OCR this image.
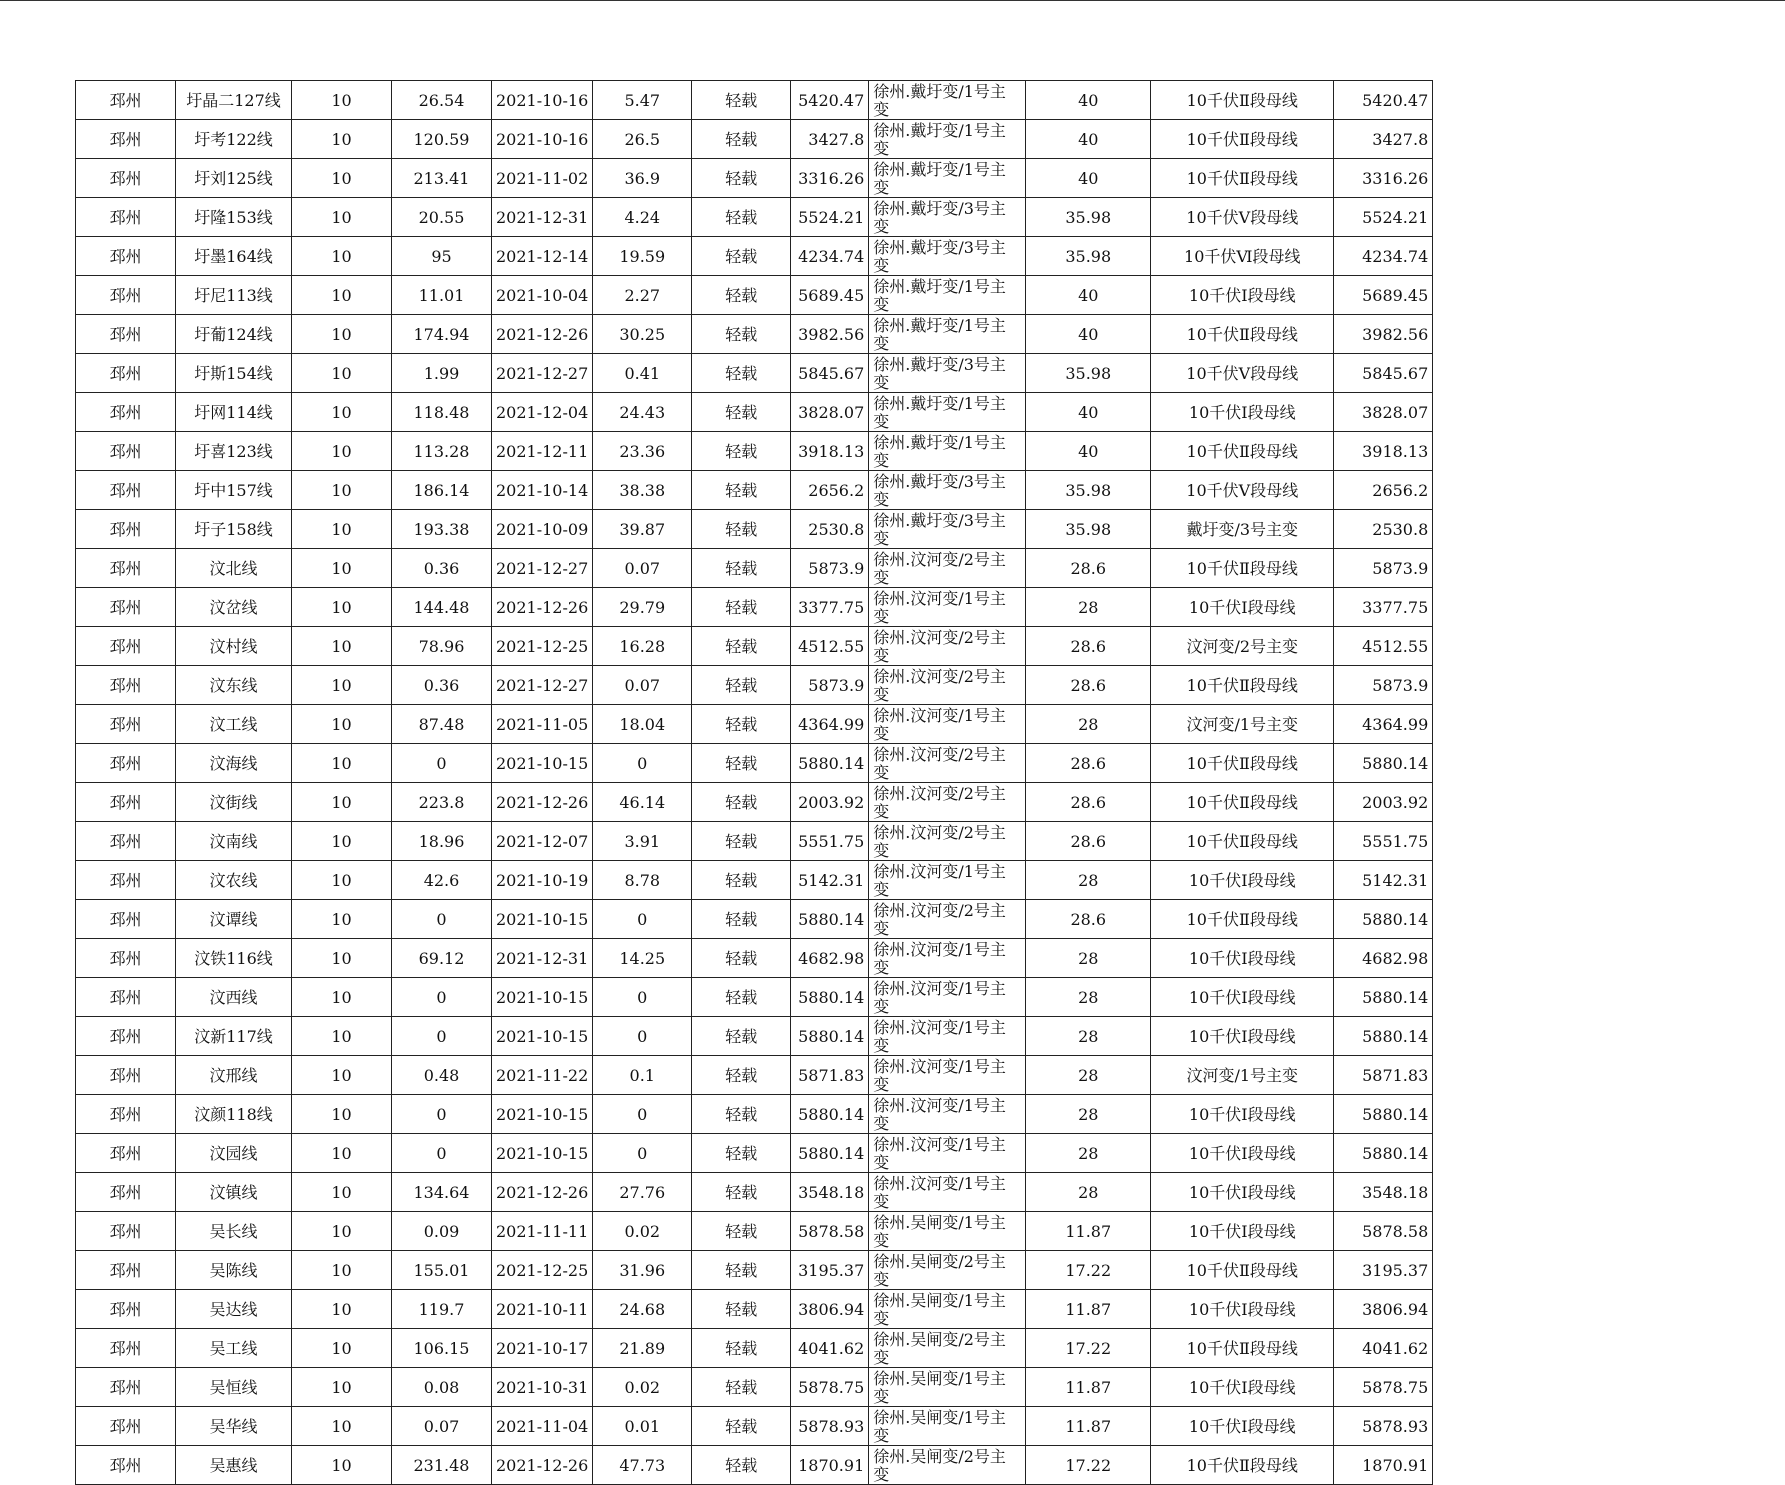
邳州	圩晶二127线	10	26.54	2021-10-16	5.47	轻载	5420.47	徐州.戴圩变/1号主变	40	10千伏Ⅱ段母线	5420.47
邳州	圩考122线	10	120.59	2021-10-16	26.5	轻载	3427.8	徐州.戴圩变/1号主变	40	10千伏Ⅱ段母线	3427.8
邳州	圩刘125线	10	213.41	2021-11-02	36.9	轻载	3316.26	徐州.戴圩变/1号主变	40	10千伏Ⅱ段母线	3316.26
邳州	圩隆153线	10	20.55	2021-12-31	4.24	轻载	5524.21	徐州.戴圩变/3号主变	35.98	10千伏Ⅴ段母线	5524.21
邳州	圩墨164线	10	95	2021-12-14	19.59	轻载	4234.74	徐州.戴圩变/3号主变	35.98	10千伏Ⅵ段母线	4234.74
邳州	圩尼113线	10	11.01	2021-10-04	2.27	轻载	5689.45	徐州.戴圩变/1号主变	40	10千伏Ⅰ段母线	5689.45
邳州	圩葡124线	10	174.94	2021-12-26	30.25	轻载	3982.56	徐州.戴圩变/1号主变	40	10千伏Ⅱ段母线	3982.56
邳州	圩斯154线	10	1.99	2021-12-27	0.41	轻载	5845.67	徐州.戴圩变/3号主变	35.98	10千伏Ⅴ段母线	5845.67
邳州	圩网114线	10	118.48	2021-12-04	24.43	轻载	3828.07	徐州.戴圩变/1号主变	40	10千伏Ⅰ段母线	3828.07
邳州	圩喜123线	10	113.28	2021-12-11	23.36	轻载	3918.13	徐州.戴圩变/1号主变	40	10千伏Ⅱ段母线	3918.13
邳州	圩中157线	10	186.14	2021-10-14	38.38	轻载	2656.2	徐州.戴圩变/3号主变	35.98	10千伏Ⅴ段母线	2656.2
邳州	圩子158线	10	193.38	2021-10-09	39.87	轻载	2530.8	徐州.戴圩变/3号主变	35.98	戴圩变/3号主变	2530.8
邳州	汶北线	10	0.36	2021-12-27	0.07	轻载	5873.9	徐州.汶河变/2号主变	28.6	10千伏Ⅱ段母线	5873.9
邳州	汶岔线	10	144.48	2021-12-26	29.79	轻载	3377.75	徐州.汶河变/1号主变	28	10千伏Ⅰ段母线	3377.75
邳州	汶村线	10	78.96	2021-12-25	16.28	轻载	4512.55	徐州.汶河变/2号主变	28.6	汶河变/2号主变	4512.55
邳州	汶东线	10	0.36	2021-12-27	0.07	轻载	5873.9	徐州.汶河变/2号主变	28.6	10千伏Ⅱ段母线	5873.9
邳州	汶工线	10	87.48	2021-11-05	18.04	轻载	4364.99	徐州.汶河变/1号主变	28	汶河变/1号主变	4364.99
邳州	汶海线	10	0	2021-10-15	0	轻载	5880.14	徐州.汶河变/2号主变	28.6	10千伏Ⅱ段母线	5880.14
邳州	汶街线	10	223.8	2021-12-26	46.14	轻载	2003.92	徐州.汶河变/2号主变	28.6	10千伏Ⅱ段母线	2003.92
邳州	汶南线	10	18.96	2021-12-07	3.91	轻载	5551.75	徐州.汶河变/2号主变	28.6	10千伏Ⅱ段母线	5551.75
邳州	汶农线	10	42.6	2021-10-19	8.78	轻载	5142.31	徐州.汶河变/1号主变	28	10千伏Ⅰ段母线	5142.31
邳州	汶谭线	10	0	2021-10-15	0	轻载	5880.14	徐州.汶河变/2号主变	28.6	10千伏Ⅱ段母线	5880.14
邳州	汶铁116线	10	69.12	2021-12-31	14.25	轻载	4682.98	徐州.汶河变/1号主变	28	10千伏Ⅰ段母线	4682.98
邳州	汶西线	10	0	2021-10-15	0	轻载	5880.14	徐州.汶河变/1号主变	28	10千伏Ⅰ段母线	5880.14
邳州	汶新117线	10	0	2021-10-15	0	轻载	5880.14	徐州.汶河变/1号主变	28	10千伏Ⅰ段母线	5880.14
邳州	汶邢线	10	0.48	2021-11-22	0.1	轻载	5871.83	徐州.汶河变/1号主变	28	汶河变/1号主变	5871.83
邳州	汶颜118线	10	0	2021-10-15	0	轻载	5880.14	徐州.汶河变/1号主变	28	10千伏Ⅰ段母线	5880.14
邳州	汶园线	10	0	2021-10-15	0	轻载	5880.14	徐州.汶河变/1号主变	28	10千伏Ⅰ段母线	5880.14
邳州	汶镇线	10	134.64	2021-12-26	27.76	轻载	3548.18	徐州.汶河变/1号主变	28	10千伏Ⅰ段母线	3548.18
邳州	吴长线	10	0.09	2021-11-11	0.02	轻载	5878.58	徐州.吴闸变/1号主变	11.87	10千伏Ⅰ段母线	5878.58
邳州	吴陈线	10	155.01	2021-12-25	31.96	轻载	3195.37	徐州.吴闸变/2号主变	17.22	10千伏Ⅱ段母线	3195.37
邳州	吴达线	10	119.7	2021-10-11	24.68	轻载	3806.94	徐州.吴闸变/1号主变	11.87	10千伏Ⅰ段母线	3806.94
邳州	吴工线	10	106.15	2021-10-17	21.89	轻载	4041.62	徐州.吴闸变/2号主变	17.22	10千伏Ⅱ段母线	4041.62
邳州	吴恒线	10	0.08	2021-10-31	0.02	轻载	5878.75	徐州.吴闸变/1号主变	11.87	10千伏Ⅰ段母线	5878.75
邳州	吴华线	10	0.07	2021-11-04	0.01	轻载	5878.93	徐州.吴闸变/1号主变	11.87	10千伏Ⅰ段母线	5878.93
邳州	吴惠线	10	231.48	2021-12-26	47.73	轻载	1870.91	徐州.吴闸变/2号主变	17.22	10千伏Ⅱ段母线	1870.91
